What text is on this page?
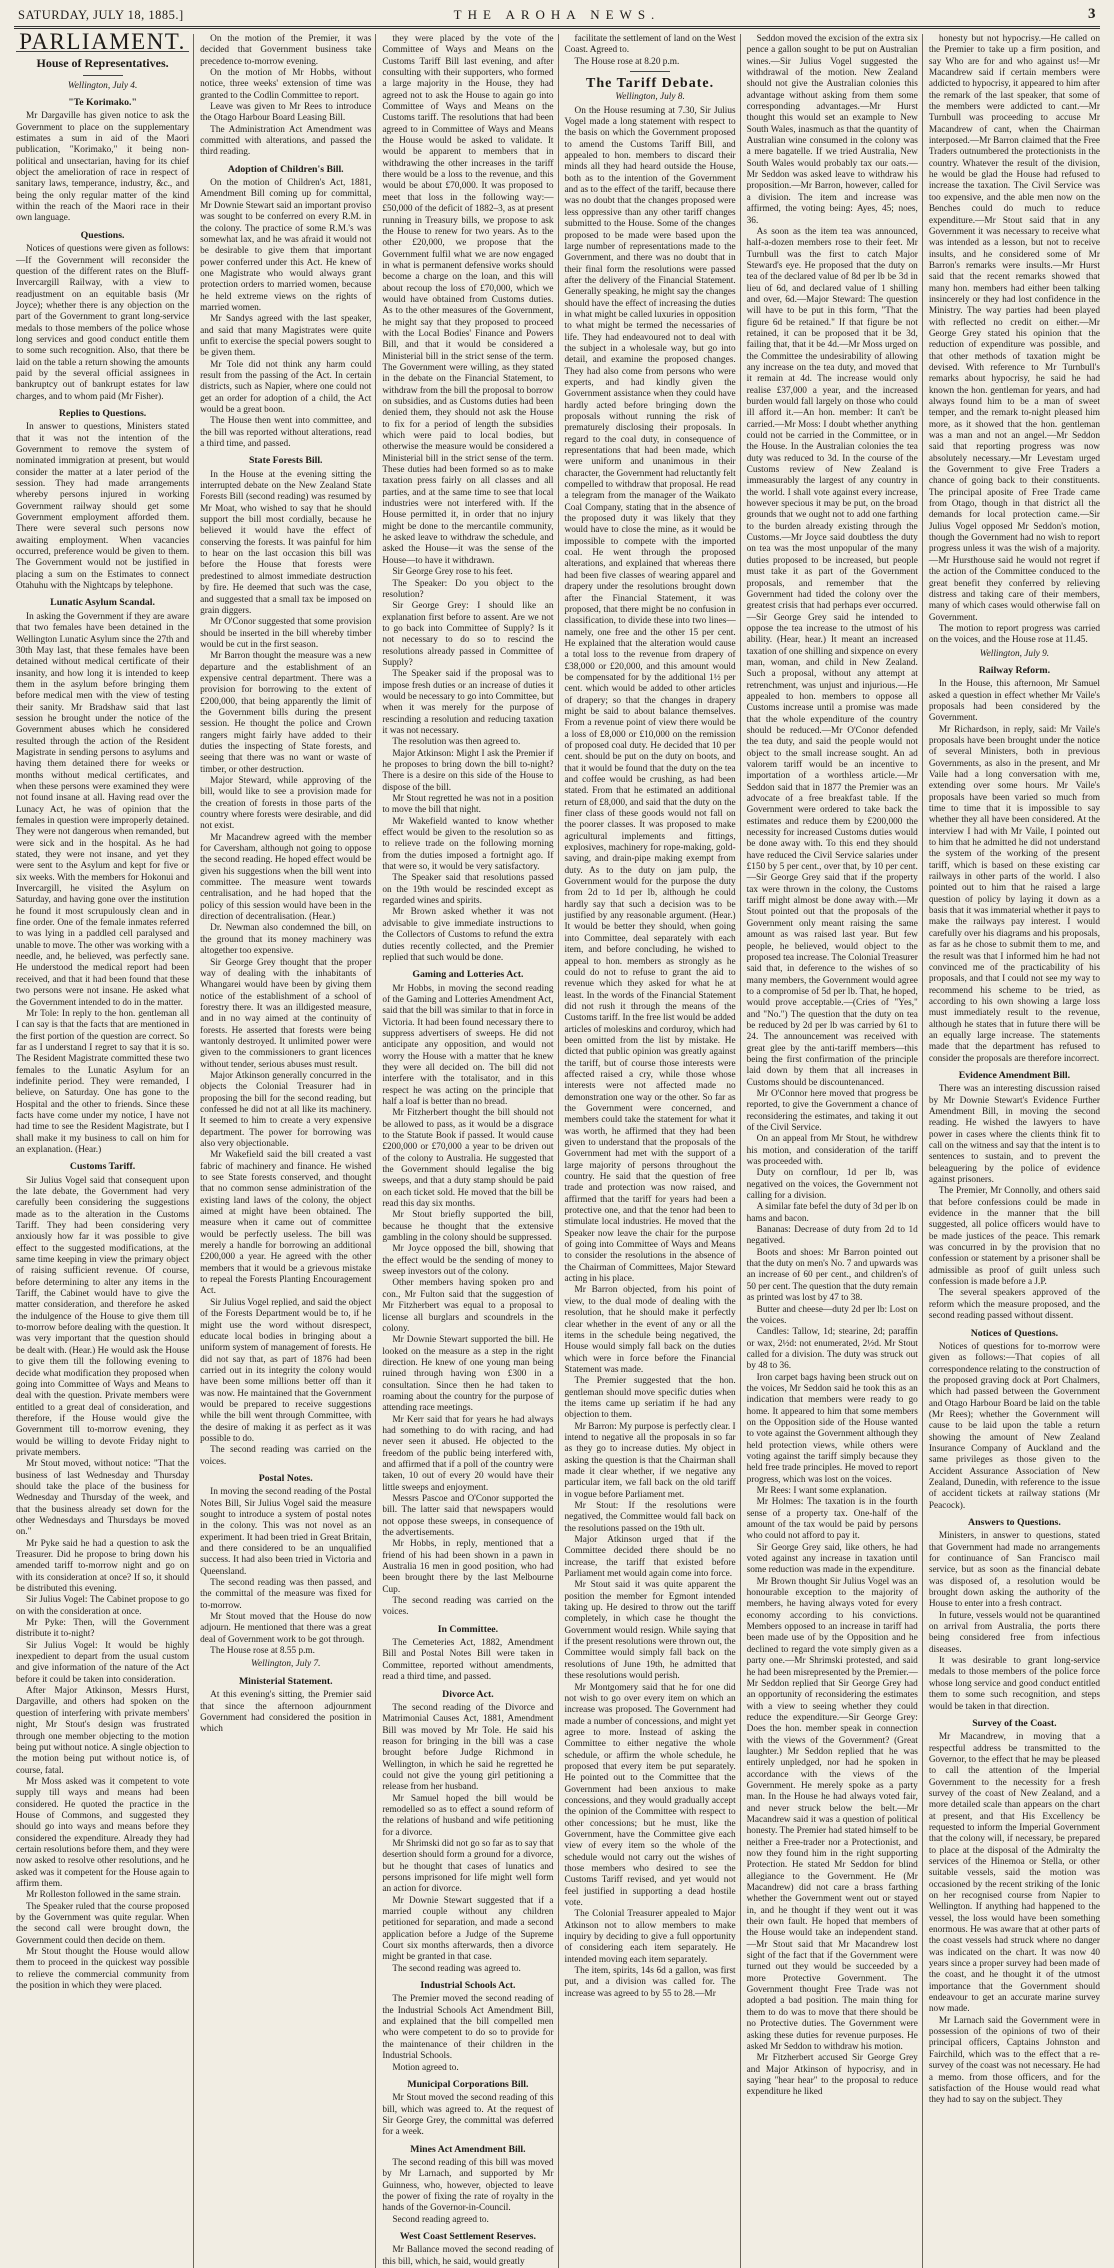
SATURDAY, JULY 18, 1885.]	THE AROHA NEWS.	3
PARLIAMENT.
House of Representatives.
Wellington, July 4.
"Te Korimako."

Mr Dargaville has given notice to ask the Government to place on the supplementary estimates a sum in aid of the Maori publication, "Korimako," it being non-political and unsectarian, having for its chief object the amelioration of race in respect of sanitary laws, temperance, industry, &c., and being the only regular matter of the kind within the reach of the Maori race in their own language.

Questions.

Notices of questions were given as follows:—If the Government will reconsider the question of the different rates on the Bluff-Invercargill Railway, with a view to readjustment on an equitable basis (Mr Joyce); whether there is any objection on the part of the Government to grant long-service medals to those members of the police whose long services and good conduct entitle them to some such recognition. Also, that there be laid on the table a return showing the amounts paid by the several official assignees in bankruptcy out of bankrupt estates for law charges, and to whom paid (Mr Fisher).

Replies to Questions.

In answer to questions, Ministers stated that it was not the intention of the Government to remove the system of nominated immigration at present, but would consider the matter at a later period of the session. They had made arrangements whereby persons injured in working Government railway should get some Government employment afforded them. There were several such persons now awaiting employment. When vacancies occurred, preference would be given to them. The Government would not be justified in placing a sum on the Estimates to connect Otahuhu with the Nightcaps by telephone.

Lunatic Asylum Scandal.

In asking the Government if they are aware that two females have been detained in the Wellington Lunatic Asylum since the 27th and 30th May last, that these females have been detained without medical certificate of their insanity, and how long it is intended to keep them in the asylum before bringing them before medical men with the view of testing their sanity. Mr Bradshaw said that last session he brought under the notice of the Government abuses which he considered resulted through the action of the Resident Magistrate in sending persons to asylums and having them detained there for weeks or months without medical certificates, and when these persons were examined they were not found insane at all. Having read over the Lunacy Act, he was of opinion that the females in question were improperly detained. They were not dangerous when remanded, but were sick and in the hospital. As he had stated, they were not insane, and yet they were sent to the Asylum and kept for five or six weeks. With the members for Hokonui and Invercargill, he visited the Asylum on Saturday, and having gone over the institution he found it most scrupulously clean and in fine order. One of the female inmates referred to was lying in a paddled cell paralysed and unable to move. The other was working with a needle, and, he believed, was perfectly sane. He understood the medical report had been received, and that it had been found that these two persons were not insane. He asked what the Government intended to do in the matter.

Mr Tole: In reply to the hon. gentleman all I can say is that the facts that are mentioned in the first portion of the question are correct. So far as I understand I regret to say that it is so. The Resident Magistrate committed these two females to the Lunatic Asylum for an indefinite period. They were remanded, I believe, on Saturday. One has gone to the Hospital and the other to friends. Since these facts have come under my notice, I have not had time to see the Resident Magistrate, but I shall make it my business to call on him for an explanation. (Hear.)

Customs Tariff.

Sir Julius Vogel said that consequent upon the late debate, the Government had very carefully been considering the suggestions made as to the alteration in the Customs Tariff. They had been considering very anxiously how far it was possible to give effect to the suggested modifications, at the same time keeping in view the primary object of raising sufficient revenue. Of course, before determining to alter any items in the Tariff, the Cabinet would have to give the matter consideration, and therefore he asked the indulgence of the House to give them till to-morrow before dealing with the question. It was very important that the question should be dealt with. (Hear.) He would ask the House to give them till the following evening to decide what modification they proposed when going into Committee of Ways and Means to deal with the question. Private members were entitled to a great deal of consideration, and therefore, if the House would give the Government till to-morrow evening, they would be willing to devote Friday night to private members.

Mr Stout moved, without notice: "That the business of last Wednesday and Thursday should take the place of the business for Wednesday and Thursday of the week, and that the business already set down for the other Wednesdays and Thursdays be moved on."

Mr Pyke said he had a question to ask the Treasurer. Did he propose to bring down his amended tariff to-morrow night and go on with its consideration at once? If so, it should be distributed this evening.

Sir Julius Vogel: The Cabinet propose to go on with the consideration at once.

Mr Pyke: Then, will the Government distribute it to-night?

Sir Julius Vogel: It would be highly inexpedient to depart from the usual custom and give information of the nature of the Act before it could be taken into consideration.

After Major Atkinson, Messrs Hurst, Dargaville, and others had spoken on the question of interfering with private members' night, Mr Stout's design was frustrated through one member objecting to the motion being put without notice. A single objection to the motion being put without notice is, of course, fatal.

Mr Moss asked was it competent to vote supply till ways and means had been considered. He quoted the practice in the House of Commons, and suggested they should go into ways and means before they considered the expenditure. Already they had certain resolutions before them, and they were now asked to resolve other resolutions, and he asked was it competent for the House again to affirm them.

Mr Rolleston followed in the same strain.

The Speaker ruled that the course proposed by the Government was quite regular. When the second call were brought down, the Government could then decide on them.

Mr Stout thought the House would allow them to proceed in the quickest way possible to relieve the commercial community from the position in which they were placed.

On the motion of the Premier, it was decided that Government business take precedence to-morrow evening.

On the motion of Mr Hobbs, without notice, three weeks' extension of time was granted to the Codlin Committee to report.

Leave was given to Mr Rees to introduce the Otago Harbour Board Leasing Bill.

The Administration Act Amendment was committed with alterations, and passed the third reading.

Adoption of Children's Bill.

On the motion of Children's Act, 1881, Amendment Bill coming up for committal, Mr Downie Stewart said an important proviso was sought to be conferred on every R.M. in the colony. The practice of some R.M.'s was somewhat lax, and he was afraid it would not be desirable to give them that important power conferred under this Act. He knew of one Magistrate who would always grant protection orders to married women, because he held extreme views on the rights of married women.

Mr Sandys agreed with the last speaker, and said that many Magistrates were quite unfit to exercise the special powers sought to be given them.

Mr Tole did not think any harm could result from the passing of the Act. In certain districts, such as Napier, where one could not get an order for adoption of a child, the Act would be a great boon.

The House then went into committee, and the bill was reported without alterations, read a third time, and passed.

State Forests Bill.

In the House at the evening sitting the interrupted debate on the New Zealand State Forests Bill (second reading) was resumed by Mr Moat, who wished to say that he should support the bill most cordially, because he believed it would have the effect of conserving the forests. It was painful for him to hear on the last occasion this bill was before the House that forests were predestined to almost immediate destruction by fire. He deemed that such was the case, and suggested that a small tax be imposed on grain diggers.

Mr O'Conor suggested that some provision should be inserted in the bill whereby timber would be cut in the first season.

Mr Barron thought the measure was a new departure and the establishment of an expensive central department. There was a provision for borrowing to the extent of £200,000, that being apparently the limit of the Government bills during the present session. He thought the police and Crown rangers might fairly have added to their duties the inspecting of State forests, and seeing that there was no want or waste of timber, or other destruction.

Major Steward, while approving of the bill, would like to see a provision made for the creation of forests in those parts of the country where forests were desirable, and did not exist.

Mr Macandrew agreed with the member for Caversham, although not going to oppose the second reading. He hoped effect would be given his suggestions when the bill went into committee. The measure went towards centralisation, and he had hoped that the policy of this session would have been in the direction of decentralisation. (Hear.)

Dr. Newman also condemned the bill, on the ground that its money machinery was altogether too expensive.

Sir George Grey thought that the proper way of dealing with the inhabitants of Whangarei would have been by giving them notice of the establishment of a school of forestry there. It was an illdigested measure, and in no way aimed at the continuity of forests. He asserted that forests were being wantonly destroyed. It unlimited power were given to the commissioners to grant licences without tender, serious abuses must result.

Major Atkinson generally concurred in the objects the Colonial Treasurer had in proposing the bill for the second reading, but confessed he did not at all like its machinery. It seemed to him to create a very expensive department. The power for borrowing was also very objectionable.

Mr Wakefield said the bill created a vast fabric of machinery and finance. He wished to see State forests conserved, and thought that no common sense administration of the existing land laws of the colony, the object aimed at might have been obtained. The measure when it came out of committee would be perfectly useless. The bill was merely a handle for borrowing an additional £200,000 a year. He agreed with the other members that it would be a grievous mistake to repeal the Forests Planting Encouragement Act.

Sir Julius Vogel replied, and said the object of the Forests Department would be to, if he might use the word without disrespect, educate local bodies in bringing about a uniform system of management of forests. He did not say that, as part of 1876 had been carried out in its integrity the colony would have been some millions better off than it was now. He maintained that the Government would be prepared to receive suggestions while the bill went through Committee, with the desire of making it as perfect as it was possible to do.

The second reading was carried on the voices.

Postal Notes.

In moving the second reading of the Postal Notes Bill, Sir Julius Vogel said the measure sought to introduce a system of postal notes in the colony. This was not novel as an experiment. It had been tried in Great Britain, and there considered to be an unqualified success. It had also been tried in Victoria and Queensland.

The second reading was then passed, and the committal of the measure was fixed for to-morrow.

Mr Stout moved that the House do now adjourn. He mentioned that there was a great deal of Government work to be got through.

The House rose at 8.55 p.m.

Wellington, July 7.
Ministerial Statement.

At this evening's sitting, the Premier said that since the afternoon adjournment Government had considered the position in which

they were placed by the vote of the Committee of Ways and Means on the Customs Tariff Bill last evening, and after consulting with their supporters, who formed a large majority in the House, they had agreed not to ask the House to again go into Committee of Ways and Means on the Customs tariff. The resolutions that had been agreed to in Committee of Ways and Means the House would be asked to validate. It would be apparent to members that in withdrawing the other increases in the tariff there would be a loss to the revenue, and this would be about £70,000. It was proposed to meet that loss in the following way:—£50,000 of the deficit of 1882–3, as at present running in Treasury bills, we propose to ask the House to renew for two years. As to the other £20,000, we propose that the Government fulfil what we are now engaged in what is permanent defensive works should become a charge on the loan, and this will about recoup the loss of £70,000, which we would have obtained from Customs duties. As to the other measures of the Government, he might say that they proposed to proceed with the Local Bodies' Finance and Powers Bill, and that it would be considered a Ministerial bill in the strict sense of the term. The Government were willing, as they stated in the debate on the Financial Statement, to withdraw from the bill the proposal to borrow on subsidies, and as Customs duties had been denied them, they should not ask the House to fix for a period of length the subsidies which were paid to local bodies, but otherwise the measure would be considered a Ministerial bill in the strict sense of the term. These duties had been formed so as to make taxation press fairly on all classes and all parties, and at the same time to see that local industries were not interfered with. If the House permitted it, in order that no injury might be done to the mercantile community, he asked leave to withdraw the schedule, and asked the House—it was the sense of the House—to have it withdrawn.

Sir George Grey rose to his feet.

The Speaker: Do you object to the resolution?

Sir George Grey: I should like an explanation first before to assent. Are we not to go back into Committee of Supply? Is it not necessary to do so to rescind the resolutions already passed in Committee of Supply?

The Speaker said if the proposal was to impose fresh duties or an increase of duties it would be necessary to go into Committee, but when it was merely for the purpose of rescinding a resolution and reducing taxation it was not necessary.

The resolution was then agreed to.

Major Atkinson: Might I ask the Premier if he proposes to bring down the bill to-night? There is a desire on this side of the House to dispose of the bill.

Mr Stout regretted he was not in a position to move the bill that night.

Mr Wakefield wanted to know whether effect would be given to the resolution so as to relieve trade on the following morning from the duties imposed a fortnight ago. If that were so, it would be very satisfactory.

The Speaker said that resolutions passed on the 19th would be rescinded except as regarded wines and spirits.

Mr Brown asked whether it was not advisable to give immediate instructions to the Collectors of Customs to refund the extra duties recently collected, and the Premier replied that such would be done.

Gaming and Lotteries Act.

Mr Hobbs, in moving the second reading of the Gaming and Lotteries Amendment Act, said that the bill was similar to that in force in Victoria. It had been found necessary there to suppress advertisers of sweeps. He did not anticipate any opposition, and would not worry the House with a matter that he knew they were all decided on. The bill did not interfere with the totalisator, and in this respect he was acting on the principle that half a loaf is better than no bread.

Mr Fitzherbert thought the bill should not be allowed to pass, as it would be a disgrace to the Statute Book if passed. It would cause £200,000 or £70,000 a year to be driven out of the colony to Australia. He suggested that the Government should legalise the big sweeps, and that a duty stamp should be paid on each ticket sold. He moved that the bill be read this day six months.

Mr Stout briefly supported the bill, because he thought that the extensive gambling in the colony should be suppressed.

Mr Joyce opposed the bill, showing that the effect would be the sending of money to sweep investors out of the colony.

Other members having spoken pro and con., Mr Fulton said that the suggestion of Mr Fitzherbert was equal to a proposal to license all burglars and scoundrels in the colony.

Mr Downie Stewart supported the bill. He looked on the measure as a step in the right direction. He knew of one young man being ruined through having won £300 in a consultation. Since then he had taken to roaming about the country for the purpose of attending race meetings.

Mr Kerr said that for years he had always had something to do with racing, and had never seen it abused. He objected to the freedom of the public being interfered with, and affirmed that if a poll of the country were taken, 10 out of every 20 would have their little sweeps and enjoyment.

Messrs Pascoe and O'Conor supported the bill. The latter said that newspapers would not oppose these sweeps, in consequence of the advertisements.

Mr Hobbs, in reply, mentioned that a friend of his had been shown in a pawn in Australia 16 men in good position, who had been brought there by the last Melbourne Cup.

The second reading was carried on the voices.

In Committee.

The Cemeteries Act, 1882, Amendment Bill and Postal Notes Bill were taken in Committee, reported without amendments, read a third time, and passed.

Divorce Act.

The second reading of the Divorce and Matrimonial Causes Act, 1881, Amendment Bill was moved by Mr Tole. He said his reason for bringing in the bill was a case brought before Judge Richmond in Wellington, in which he said he regretted he could not give the young girl petitioning a release from her husband.

Mr Samuel hoped the bill would be remodelled so as to effect a sound reform of the relations of husband and wife petitioning for a divorce.

Mr Shrimski did not go so far as to say that desertion should form a ground for a divorce, but he thought that cases of lunatics and persons imprisoned for life might well form an action for divorce.

Mr Downie Stewart suggested that if a married couple without any children petitioned for separation, and made a second application before a Judge of the Supreme Court six months afterwards, then a divorce might be granted in that case.

The second reading was agreed to.

Industrial Schools Act.

The Premier moved the second reading of the Industrial Schools Act Amendment Bill, and explained that the bill compelled men who were competent to do so to provide for the maintenance of their children in the Industrial Schools.

Motion agreed to.

Municipal Corporations Bill.

Mr Stout moved the second reading of this bill, which was agreed to. At the request of Sir George Grey, the committal was deferred for a week.

Mines Act Amendment Bill.

The second reading of this bill was moved by Mr Larnach, and supported by Mr Guinness, who, however, objected to leave the power of fixing the rate of royalty in the hands of the Governor-in-Council.

Second reading agreed to.

West Coast Settlement Reserves.

Mr Ballance moved the second reading of this bill, which, he said, would greatly

facilitate the settlement of land on the West Coast. Agreed to.

The House rose at 8.20 p.m.

The Tariff Debate.
Wellington, July 8.

On the House resuming at 7.30, Sir Julius Vogel made a long statement with respect to the basis on which the Government proposed to amend the Customs Tariff Bill, and appealed to hon. members to discard their minds all they had heard outside the House, both as to the intention of the Government and as to the effect of the tariff, because there was no doubt that the changes proposed were less oppressive than any other tariff changes submitted to the House. Some of the changes proposed to be made were based upon the large number of representations made to the Government, and there was no doubt that in their final form the resolutions were passed after the delivery of the Financial Statement. Generally speaking, he might say the changes should have the effect of increasing the duties in what might be called luxuries in opposition to what might be termed the necessaries of life. They had endeavoured not to deal with the subject in a wholesale way, but go into detail, and examine the proposed changes. They had also come from persons who were experts, and had kindly given the Government assistance when they could have hardly acted before bringing down the proposals without running the risk of prematurely disclosing their proposals. In regard to the coal duty, in consequence of representations that had been made, which were uniform and unanimous in their character, the Government had reluctantly felt compelled to withdraw that proposal. He read a telegram from the manager of the Waikato Coal Company, stating that in the absence of the proposed duty it was likely that they would have to close the mine, as it would be impossible to compete with the imported coal. He went through the proposed alterations, and explained that whereas there had been five classes of wearing apparel and drapery under the resolutions brought down after the Financial Statement, it was proposed, that there might be no confusion in classification, to divide these into two lines—namely, one free and the other 15 per cent. He explained that the alteration would cause a total loss to the revenue from drapery of £38,000 or £20,000, and this amount would be compensated for by the additional 1½ per cent. which would be added to other articles of drapery; so that the changes in drapery might be said to about balance themselves. From a revenue point of view there would be a loss of £8,000 or £10,000 on the remission of proposed coal duty. He decided that 10 per cent. should be put on the duty on boots, and that it would be found that the duty on the tea and coffee would be crushing, as had been stated. From that he estimated an additional return of £8,000, and said that the duty on the finer class of these goods would not fall on the poorer classes. It was proposed to make agricultural implements and fittings, explosives, machinery for rope-making, gold-saving, and drain-pipe making exempt from duty. As to the duty on jam pulp, the Government would for the purpose the duty from 2d to 1d per lb, although he could hardly say that such a decision was to be justified by any reasonable argument. (Hear.) It would be better they should, when going into Committee, deal separately with each item, and before concluding, he wished to appeal to hon. members as strongly as he could do not to refuse to grant the aid to revenue which they asked for what he at least. In the words of the Financial Statement did not rush it through the means of the Customs tariff. In the free list would be added articles of moleskins and corduroy, which had been omitted from the list by mistake. He dicted that public opinion was greatly against the tariff, but of course those interests were affected raised a cry, while those whose interests were not affected made no demonstration one way or the other. So far as the Government were concerned, and members could take the statement for what it was worth, he affirmed that they had been given to understand that the proposals of the Government had met with the support of a large majority of persons throughout the country. He said that the question of free trade and protection was now raised, and affirmed that the tariff for years had been a protective one, and that the tenor had been to stimulate local industries. He moved that the Speaker now leave the chair for the purpose of going into Committee of Ways and Means to consider the resolutions in the absence of the Chairman of Committees, Major Steward acting in his place.

Mr Barron objected, from his point of view, to the dual mode of dealing with the resolution, that he should make it perfectly clear whether in the event of any or all the items in the schedule being negatived, the House would simply fall back on the duties which were in force before the Financial Statement was made.

The Premier suggested that the hon. gentleman should move specific duties when the items came up seriatim if he had any objection to them.

Mr Barron: My purpose is perfectly clear. I intend to negative all the proposals in so far as they go to increase duties. My object in asking the question is that the Chairman shall made it clear whether, if we negative any particular item, we fall back on the old tariff in vogue before Parliament met.

Mr Stout: If the resolutions were negatived, the Committee would fall back on the resolutions passed on the 19th ult.

Major Atkinson urged that if the Committee decided there should be no increase, the tariff that existed before Parliament met would again come into force.

Mr Stout said it was quite apparent the position the member for Egmont intended taking up. He desired to throw out the tariff completely, in which case he thought the Government would resign. While saying that if the present resolutions were thrown out, the Committee would simply fall back on the resolutions of June 19th, he admitted that these resolutions would perish.

Mr Montgomery said that he for one did not wish to go over every item on which an increase was proposed. The Government had made a number of concessions, and might yet agree to more. Instead of asking the Committee to either negative the whole schedule, or affirm the whole schedule, he proposed that every item be put separately. He pointed out to the Committee that the Government had been anxious to make concessions, and they would gradually accept the opinion of the Committee with respect to other concessions; but he must, like the Government, have the Committee give each view of every item so the whole of the schedule would not carry out the wishes of those members who desired to see the Customs Tariff revised, and yet would not feel justified in supporting a dead hostile vote.

The Colonial Treasurer appealed to Major Atkinson not to allow members to make inquiry by deciding to give a full opportunity of considering each item separately. He intended moving each item separately.

The item, spirits, 14s 6d a gallon, was first put, and a division was called for. The increase was agreed to by 55 to 28.—Mr

Seddon moved the excision of the extra six pence a gallon sought to be put on Australian wines.—Sir Julius Vogel suggested the withdrawal of the motion. New Zealand should not give the Australian colonies this advantage without asking from them some corresponding advantages.—Mr Hurst thought this would set an example to New South Wales, inasmuch as that the quantity of Australian wine consumed in the colony was a mere bagatelle. If we tried Australia, New South Wales would probably tax our oats.—Mr Seddon was asked leave to withdraw his proposition.—Mr Barron, however, called for a division. The item and increase was affirmed, the voting being: Ayes, 45; noes, 36.

As soon as the item tea was announced, half-a-dozen members rose to their feet. Mr Turnbull was the first to catch Major Steward's eye. He proposed that the duty on tea of the declared value of 8d per lb be 3d in lieu of 6d, and declared value of 1 shilling and over, 6d.—Major Steward: The question will have to be put in this form, "That the figure 6d be retained." If that figure be not retained, it can be proposed that it be 3d, failing that, that it be 4d.—Mr Moss urged on the Committee the undesirability of allowing any increase on the tea duty, and moved that it remain at 4d. The increase would only realise £37,000 a year, and the increased burden would fall largely on those who could ill afford it.—An hon. member: It can't be carried.—Mr Moss: I doubt whether anything could not be carried in the Committee, or in the House. In the Australian colonies the tea duty was reduced to 3d. In the course of the Customs review of New Zealand is immeasurably the largest of any country in the world. I shall vote against every increase, however specious it may be put, on the broad grounds that we ought not to add one farthing to the burden already existing through the Customs.—Mr Joyce said doubtless the duty on tea was the most unpopular of the many duties proposed to be increased, but people must take it as part of the Government proposals, and remember that the Government had tided the colony over the greatest crisis that had perhaps ever occurred.—Sir George Grey said he intended to oppose the tea increase to the utmost of his ability. (Hear, hear.) It meant an increased taxation of one shilling and sixpence on every man, woman, and child in New Zealand. Such a proposal, without any attempt at retrenchment, was unjust and injurious.—He appealed to hon. members to oppose all Customs increase until a promise was made that the whole expenditure of the country should be reduced.—Mr O'Conor defended the tea duty, and said the people would not object to the small increase sought. An ad valorem tariff would be an incentive to importation of a worthless article.—Mr Seddon said that in 1877 the Premier was an advocate of a free breakfast table. If the Government were ordered to take back the estimates and reduce them by £200,000 the necessity for increased Customs duties would be done away with. To this end they should have reduced the Civil Service salaries under £150 by 5 per cent., over that, by 10 per cent.—Sir George Grey said that if the property tax were thrown in the colony, the Customs tariff might almost be done away with.—Mr Stout pointed out that the proposals of the Government only meant raising the same amount as was raised last year. But few people, he believed, would object to the proposed tea increase. The Colonial Treasurer said that, in deference to the wishes of so many members, the Government would agree to a compromise of 5d per lb. That, he hoped, would prove acceptable.—(Cries of "Yes," and "No.") The question that the duty on tea be reduced by 2d per lb was carried by 61 to 24. The announcement was received with great glee by the anti-tariff members—this being the first confirmation of the principle laid down by them that all increases in Customs should be discountenanced.

Mr O'Connor here moved that progress be reported, to give the Government a chance of reconsidering the estimates, and taking it out of the Civil Service.

On an appeal from Mr Stout, he withdrew his motion, and consideration of the tariff was proceeded with.

Duty on cornflour, 1d per lb, was negatived on the voices, the Government not calling for a division.

A similar fate befel the duty of 3d per lb on hams and bacon.

Bananas: Decrease of duty from 2d to 1d negatived.

Boots and shoes: Mr Barron pointed out that the duty on men's No. 7 and upwards was an increase of 60 per cent., and children's of 50 per cent. The question that the duty remain as printed was lost by 47 to 38.

Butter and cheese—duty 2d per lb: Lost on the voices.

Candles: Tallow, 1d; stearine, 2d; paraffin or wax, 2½d: not enumerated, 2½d. Mr Stout called for a division. The duty was struck out by 48 to 36.

Iron carpet bags having been struck out on the voices, Mr Seddon said he took this as an indication that members were ready to go home. It appeared to him that some members on the Opposition side of the House wanted to vote against the Government although they held protection views, while others were voting against the tariff simply because they held free trade principles. He moved to report progress, which was lost on the voices.

Mr Rees: I want some explanation.

Mr Holmes: The taxation is in the fourth sense of a property tax. One-half of the amount of the tax would be paid by persons who could not afford to pay it.

Sir George Grey said, like others, he had voted against any increase in taxation until some reduction was made in the expenditure.

Mr Brown thought Sir Julius Vogel was an honourable exception to the majority of members, he having always voted for every economy according to his convictions. Members opposed to an increase in tariff had been made use of by the Opposition and he declined to regard the vote simply given as a party one.—Mr Shrimski protested, and said he had been misrepresented by the Premier.—Mr Seddon replied that Sir George Grey had an opportunity of reconsidering the estimates with a view to seeing whether they could reduce the expenditure.—Sir George Grey: Does the hon. member speak in connection with the views of the Government? (Great laughter.) Mr Seddon replied that he was entirely unpledged, nor had he spoken in accordance with the views of the Government. He merely spoke as a party man. In the House he had always voted fair, and never struck below the belt.—Mr Macandrew said it was a question of political honesty. The Premier had stated himself to be neither a Free-trader nor a Protectionist, and now they found him in the right supporting Protection. He stated Mr Seddon for blind allegiance to the Government. He (Mr Macandrew) did not care a brass farthing whether the Government went out or stayed in, and he thought if they went out it was their own fault. He hoped that members of the House would take an independent stand.—Mr Stout said that Mr Macandrew lost sight of the fact that if the Government were turned out they would be succeeded by a more Protective Government. The Government thought Free Trade was not adopted a bad position. The main thing for them to do was to move that there should be no Protective duties. The Government were asking these duties for revenue purposes. He asked Mr Seddon to withdraw his motion.

Mr Fitzherbert accused Sir George Grey and Major Atkinson of hypocrisy, and in saying "hear hear" to the proposal to reduce expenditure he liked

honesty but not hypocrisy.—He called on the Premier to take up a firm position, and say Who are for and who against us!—Mr Macandrew said if certain members were addicted to hypocrisy, it appeared to him after the remark of the last speaker, that some of the members were addicted to cant.—Mr Turnbull was proceeding to accuse Mr Macandrew of cant, when the Chairman interposed.—Mr Barron claimed that the Free Traders outnumbered the protectionists in the country. Whatever the result of the division, he would be glad the House had refused to increase the taxation. The Civil Service was too expensive, and the able men now on the Benches could do much to reduce expenditure.—Mr Stout said that in any Government it was necessary to receive what was intended as a lesson, but not to receive insults, and he considered some of Mr Barron's remarks were insults.—Mr Hurst said that the recent remarks showed that many hon. members had either been talking insincerely or they had lost confidence in the Ministry. The way parties had been played with reflected no credit on either.—Mr George Grey stated his opinion that the reduction of expenditure was possible, and that other methods of taxation might be devised. With reference to Mr Turnbull's remarks about hypocrisy, he said he had known the hon. gentleman for years, and had always found him to be a man of sweet temper, and the remark to-night pleased him more, as it showed that the hon. gentleman was a man and not an angel.—Mr Seddon said that reporting progress was now absolutely necessary.—Mr Levestam urged the Government to give Free Traders a chance of going back to their constituents. The principal aposite of Free Trade came from Otago, though in that district all the demands for local protection came.—Sir Julius Vogel opposed Mr Seddon's motion, though the Government had no wish to report progress unless it was the wish of a majority.—Mr Hursthouse said he would not regret if the action of the Committee conduced to the great benefit they conferred by relieving distress and taking care of their members, many of which cases would otherwise fall on Government.

The motion to report progress was carried on the voices, and the House rose at 11.45.

Wellington, July 9.
Railway Reform.

In the House, this afternoon, Mr Samuel asked a question in effect whether Mr Vaile's proposals had been considered by the Government.

Mr Richardson, in reply, said: Mr Vaile's proposals have been brought under the notice of several Ministers, both in previous Governments, as also in the present, and Mr Vaile had a long conversation with me, extending over some hours. Mr Vaile's proposals have been varied so much from time to time that it is impossible to say whether they all have been considered. At the interview I had with Mr Vaile, I pointed out to him that he admitted he did not understand the system of the working of the present tariff, which is based on these existing car railways in other parts of the world. I also pointed out to him that he raised a large question of policy by laying it down as a basis that it was immaterial whether it pays to make the railways pay interest. I would carefully over his diagrams and his proposals, as far as he chose to submit them to me, and the result was that I informed him he had not convinced me of the practicability of his proposals, and that I could not see my way to recommend his scheme to be tried, as according to his own showing a large loss must immediately result to the revenue, although he states that in future there will be an equally large increase. The statements made that the department has refused to consider the proposals are therefore incorrect.

Evidence Amendment Bill.

There was an interesting discussion raised by Mr Downie Stewart's Evidence Further Amendment Bill, in moving the second reading. He wished the lawyers to have power in cases where the clients think fit to call on the witness and say that the intent is to sentences to sustain, and to prevent the beleaguering by the police of evidence against prisoners.

The Premier, Mr Connolly, and others said that before confessions could be made in evidence in the manner that the bill suggested, all police officers would have to be made justices of the peace. This remark was concurred in by the provision that no confession or statement by a prisoner shall be admissible as proof of guilt unless such confession is made before a J.P.

The several speakers approved of the reform which the measure proposed, and the second reading passed without dissent.

Notices of Questions.

Notices of questions for to-morrow were given as follows:—That copies of all correspondence relating to the construction of the proposed graving dock at Port Chalmers, which had passed between the Government and Otago Harbour Board be laid on the table (Mr Rees); whether the Government will cause to be laid upon the table a return showing the amount of New Zealand Insurance Company of Auckland and the same privileges as those given to the Accident Assurance Association of New Zealand, Dunedin, with reference to the issue of accident tickets at railway stations (Mr Peacock).

Answers to Questions.

Ministers, in answer to questions, stated that Government had made no arrangements for continuance of San Francisco mail service, but as soon as the financial debate was disposed of, a resolution would be brought down asking the authority of the House to enter into a fresh contract.

In future, vessels would not be quarantined on arrival from Australia, the ports there being considered free from infectious diseases.

It was desirable to grant long-service medals to those members of the police force whose long service and good conduct entitled them to some such recognition, and steps would be taken in that direction.

Survey of the Coast.

Mr Macandrew, in moving that a respectful address be transmitted to the Governor, to the effect that he may be pleased to call the attention of the Imperial Government to the necessity for a fresh survey of the coast of New Zealand, and a more detailed scale than appears on the chart at present, and that His Excellency be requested to inform the Imperial Government that the colony will, if necessary, be prepared to place at the disposal of the Admiralty the services of the Hinemoa or Stella, or other suitable vessels, said the motion was occasioned by the recent striking of the Ionic on her recognised course from Napier to Wellington. If anything had happened to the vessel, the loss would have been something enormous. He was aware that at other parts of the coast vessels had struck where no danger was indicated on the chart. It was now 40 years since a proper survey had been made of the coast, and he thought it of the utmost importance that the Government should endeavour to get an accurate marine survey now made.

Mr Larnach said the Government were in possession of the opinions of two of their principal officers, Captains Johnston and Fairchild, which was to the effect that a re-survey of the coast was not necessary. He had a memo. from those officers, and for the satisfaction of the House would read what they had to say on the subject. They
